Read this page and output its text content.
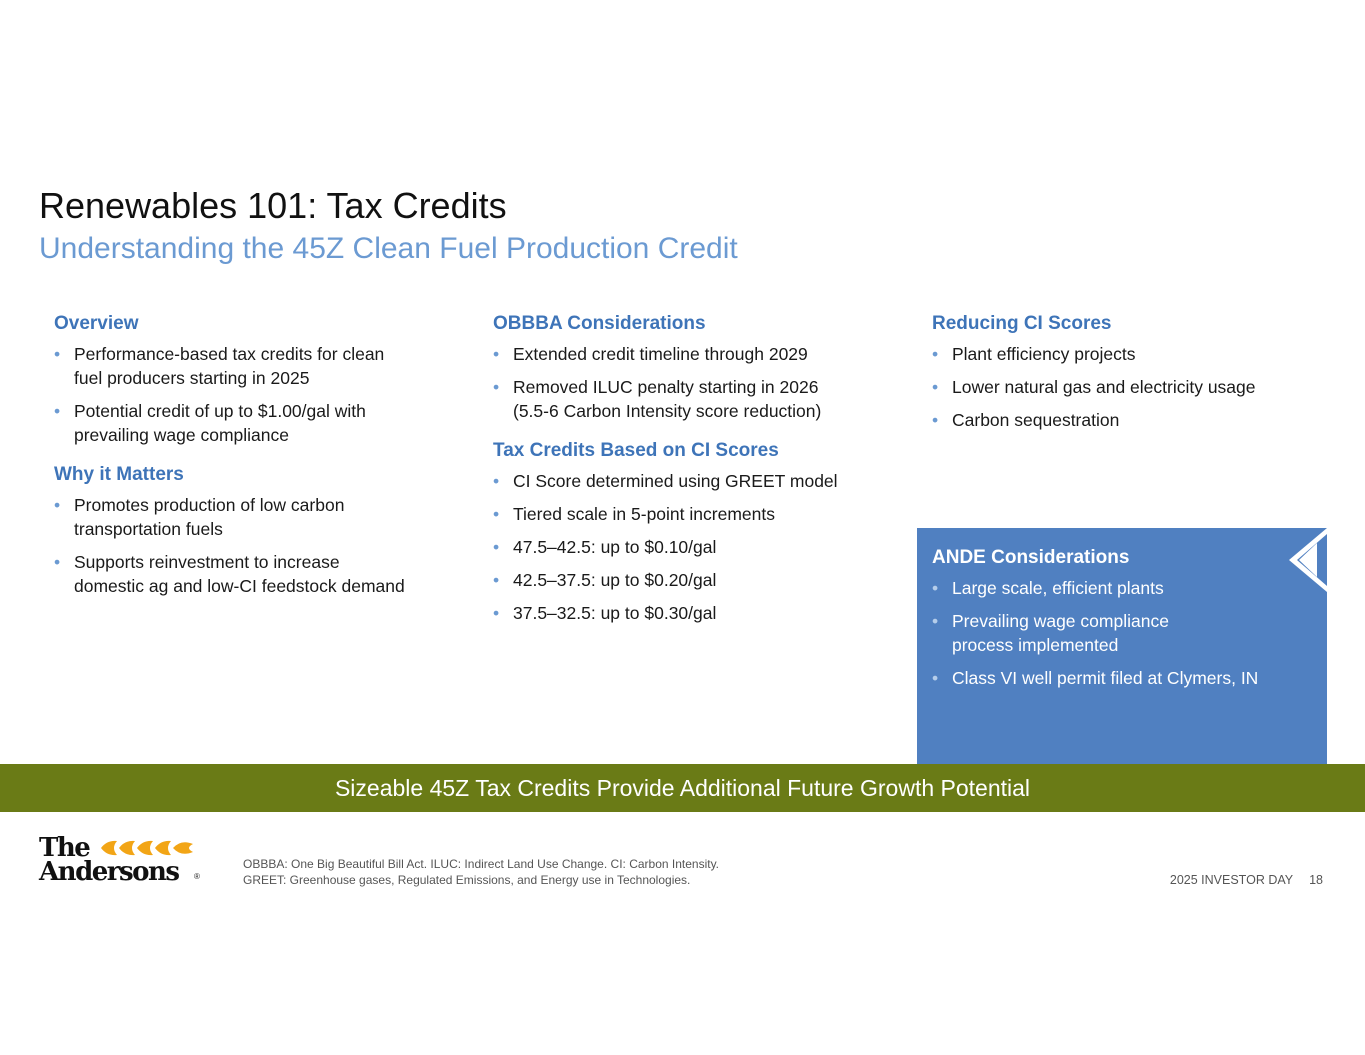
Renewables 101: Tax Credits
Understanding the 45Z Clean Fuel Production Credit
Overview
• Performance-based tax credits for clean
fuel producers starting in 2025
• Potential credit of up to $1.00/gal with
prevailing wage compliance
Why it Matters
• Promotes production of low carbon
transportation fuels
• Supports reinvestment to increase
domestic ag and low-CI feedstock demand
OBBBA Considerations
• Extended credit timeline through 2029
• Removed ILUC penalty starting in 2026
(5.5-6 Carbon Intensity score reduction)
Tax Credits Based on CI Scores
• CI Score determined using GREET model
• Tiered scale in 5-point increments
• 47.5–42.5: up to $0.10/gal
• 42.5–37.5: up to $0.20/gal
• 37.5–32.5: up to $0.30/gal
Reducing CI Scores
• Plant efficiency projects
• Lower natural gas and electricity usage
• Carbon sequestration
ANDE Considerations
• Large scale, efficient plants
• Prevailing wage compliance
process implemented
• Class VI well permit filed at Clymers, IN
Sizeable 45Z Tax Credits Provide Additional Future Growth Potential
The
Andersons ®
OBBBA: One Big Beautiful Bill Act. ILUC: Indirect Land Use Change. CI: Carbon Intensity.
GREET: Greenhouse gases, Regulated Emissions, and Energy use in Technologies.	2025 INVESTOR DAY 18
